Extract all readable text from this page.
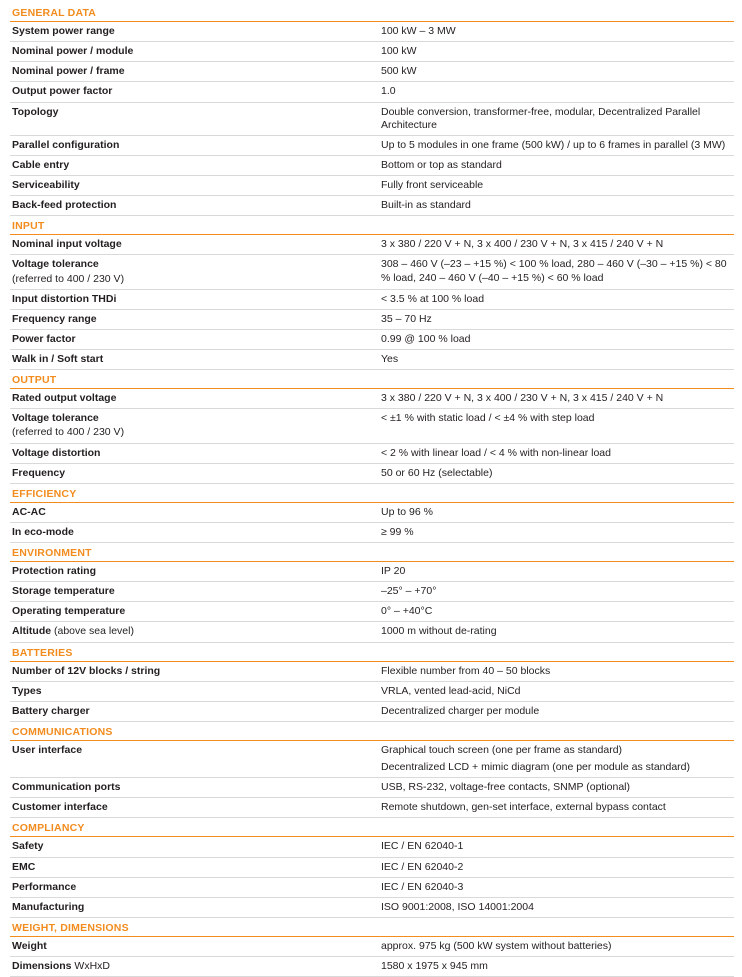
GENERAL DATA	
System power range	100 kW – 3 MW

Nominal power / module	100 kW

Nominal power / frame	500 kW

Output power factor	1.0

Topology	Double conversion, transformer-free, modular, Decentralized Parallel Architecture

Parallel configuration	Up to 5 modules in one frame (500 kW) / up to 6 frames in parallel (3 MW)

Cable entry	Bottom or top as standard

Serviceability	Fully front serviceable

Back-feed protection	Built-in as standard

INPUT	
Nominal input voltage	3 x 380 / 220 V + N, 3 x 400 / 230 V + N, 3 x 415 / 240 V + N

Voltage tolerance
(referred to 400 / 230 V)	308 – 460 V (–23 – +15 %) < 100 % load, 280 – 460 V (–30 – +15 %) < 80 % load, 240 – 460 V (–40 – +15 %) < 60 % load

Input distortion THDi	< 3.5 % at 100 % load

Frequency range	35 – 70 Hz

Power factor	0.99 @ 100 % load

Walk in / Soft start	Yes

OUTPUT	
Rated output voltage	3 x 380 / 220 V + N, 3 x 400 / 230 V + N, 3 x 415 / 240 V + N

Voltage tolerance
(referred to 400 / 230 V)	< ±1 % with static load / < ±4 % with step load

Voltage distortion	< 2 % with linear load / < 4 % with non-linear load

Frequency	50 or 60 Hz (selectable)

EFFICIENCY	
AC-AC	Up to 96 %

In eco-mode	≥ 99 %

ENVIRONMENT	
Protection rating	IP 20

Storage temperature	–25° – +70°

Operating temperature	0° – +40°C

Altitude (above sea level)	1000 m without de-rating

BATTERIES	
Number of 12V blocks / string	Flexible number from 40 – 50 blocks

Types	VRLA, vented lead-acid, NiCd

Battery charger	Decentralized charger per module

COMMUNICATIONS	
User interface	Graphical touch screen (one per frame as standard)
Decentralized LCD + mimic diagram (one per module as standard)

Communication ports	USB, RS-232, voltage-free contacts, SNMP (optional)

Customer interface	Remote shutdown, gen-set interface, external bypass contact

COMPLIANCY	
Safety	IEC / EN 62040-1

EMC	IEC / EN 62040-2

Performance	IEC / EN 62040-3

Manufacturing	ISO 9001:2008, ISO 14001:2004

WEIGHT, DIMENSIONS	
Weight	approx. 975 kg (500 kW system without batteries)

Dimensions WxHxD	1580 x 1975 x 945 mm
